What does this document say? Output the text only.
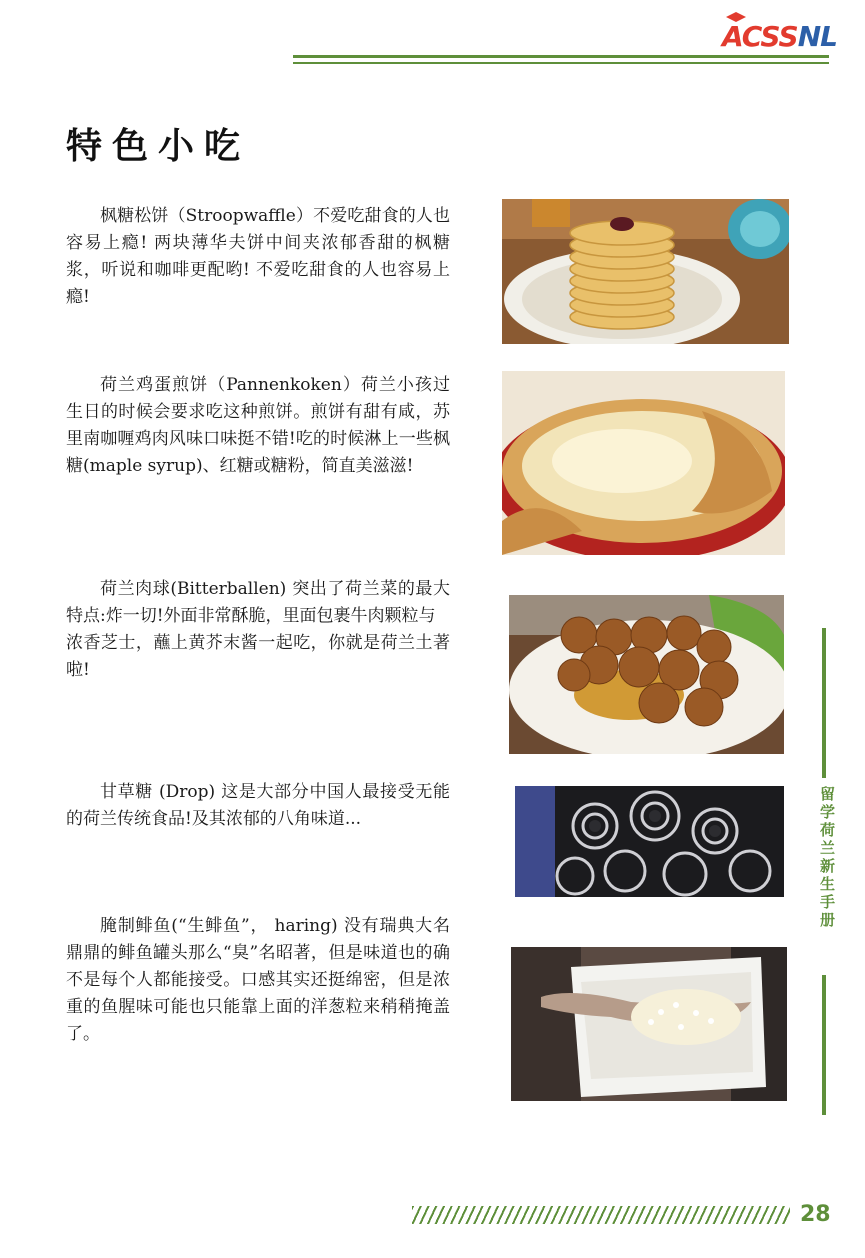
ACSSNL
特色小吃

枫糖松饼（Stroopwaffle）不爱吃甜食的人也容易上瘾! 两块薄华夫饼中间夹浓郁香甜的枫糖浆，听说和咖啡更配哟! 不爱吃甜食的人也容易上瘾!

荷兰鸡蛋煎饼（Pannenkoken）荷兰小孩过生日的时候会要求吃这种煎饼。煎饼有甜有咸，苏里南咖喱鸡肉风味口味挺不错!吃的时候淋上一些枫糖(maple syrup)、红糖或糖粉，简直美滋滋!

荷兰肉球(Bitterballen) 突出了荷兰菜的最大特点:炸一切!外面非常酥脆，里面包裹牛肉颗粒与
浓香芝士，蘸上黄芥末酱一起吃，你就是荷兰土著啦!

甘草糖 (Drop) 这是大部分中国人最接受无能的荷兰传统食品!及其浓郁的八角味道...

腌制鲱鱼(“生鲱鱼”， haring) 没有瑞典大名鼎鼎的鲱鱼罐头那么“臭”名昭著，但是味道也的确不是每个人都能接受。口感其实还挺绵密，但是浓重的鱼腥味可能也只能靠上面的洋葱粒来稍稍掩盖了。

留学荷兰新生手册
28
